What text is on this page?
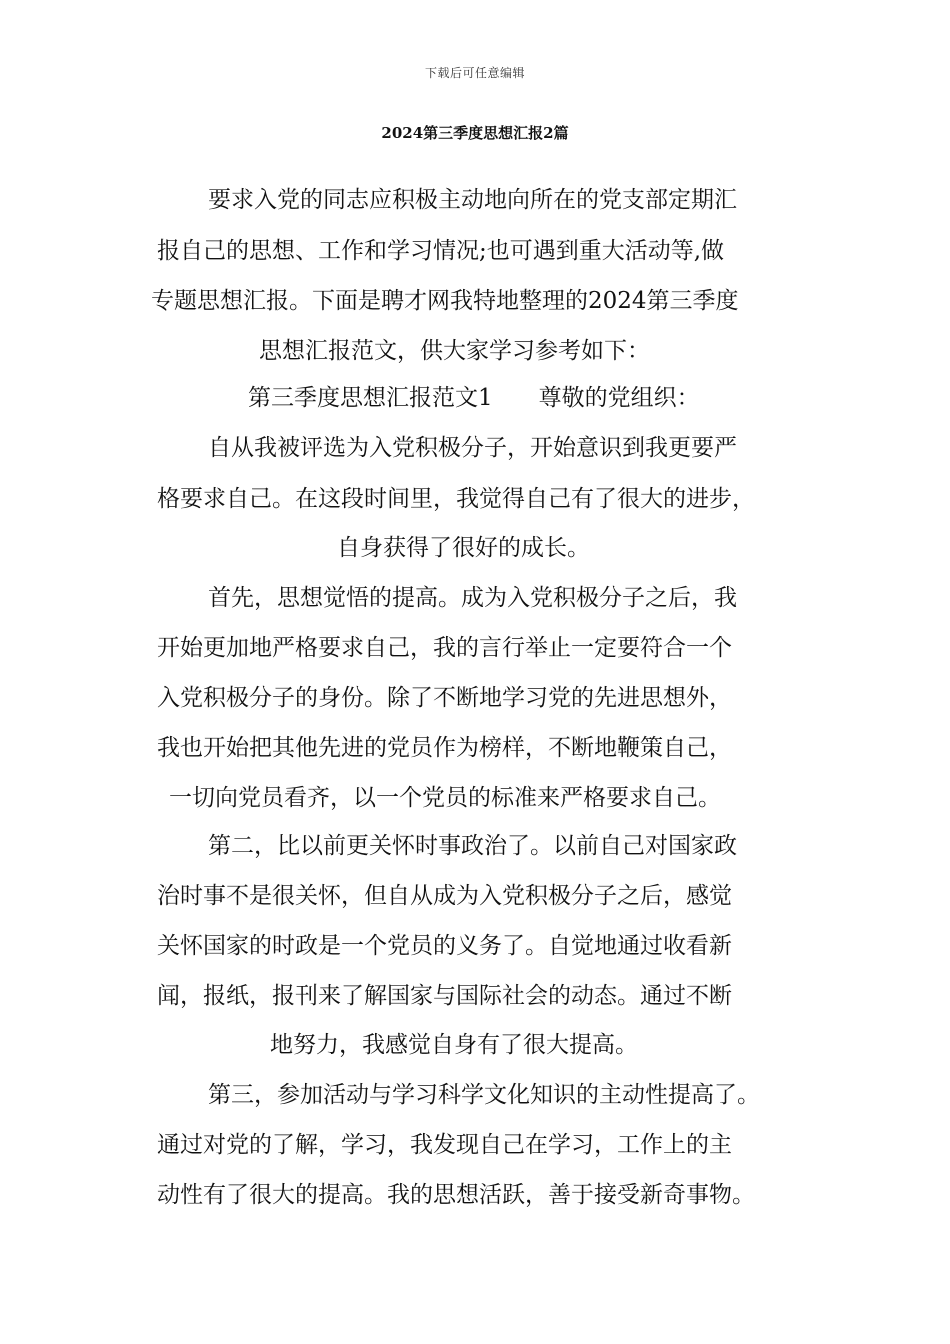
下载后可任意编辑
2024第三季度思想汇报2篇
要求入党的同志应积极主动地向所在的党支部定期汇
报自己的思想、工作和学习情况;也可遇到重大活动等,做
专题思想汇报。下面是聘才网我特地整理的2024第三季度
思想汇报范文，供大家学习参考如下：
第三季度思想汇报范文1　　尊敬的党组织：
自从我被评选为入党积极分子，开始意识到我更要严
格要求自己。在这段时间里，我觉得自己有了很大的进步，
自身获得了很好的成长。
首先，思想觉悟的提高。成为入党积极分子之后，我
开始更加地严格要求自己，我的言行举止一定要符合一个
入党积极分子的身份。除了不断地学习党的先进思想外，
我也开始把其他先进的党员作为榜样，不断地鞭策自己，
一切向党员看齐，以一个党员的标准来严格要求自己。
第二，比以前更关怀时事政治了。以前自己对国家政
治时事不是很关怀，但自从成为入党积极分子之后，感觉
关怀国家的时政是一个党员的义务了。自觉地通过收看新
闻，报纸，报刊来了解国家与国际社会的动态。通过不断
地努力，我感觉自身有了很大提高。
第三，参加活动与学习科学文化知识的主动性提高了。
通过对党的了解，学习，我发现自己在学习，工作上的主
动性有了很大的提高。我的思想活跃，善于接受新奇事物。
